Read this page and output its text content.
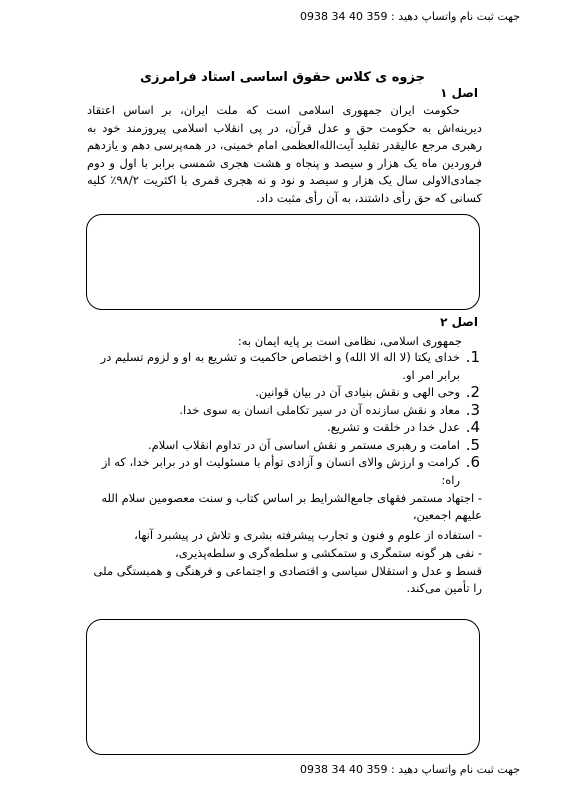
جهت ثبت نام واتساپ دهید : 359 40 34 0938
جزوه ی کلاس حقوق اساسی استاد فرامرزی
اصل ۱
حکومت ایران جمهوری اسلامی است که ملت ایران، بر اساس اعتقاد دیرینه‌اش به حکومت حق و عدل قرآن، در پی انقلاب اسلامی پیروزمند خود به رهبری مرجع عالیقدر تقلید آیت‌الله‌العظمی امام خمینی، در همه‌پرسی دهم و یازدهم فروردین ماه یک هزار و سیصد و پنجاه و هشت هجری شمسی برابر با اول و دوم جمادی‌الاولی سال یک هزار و سیصد و نود و نه هجری قمری با اکثریت ۹۸/۲٪ کلیه کسانی که حق رأی داشتند، به آن رأی مثبت داد.
اصل ۲
جمهوری اسلامی، نظامی است بر پایه ایمان به:
.1
خدای یکتا (لا اله الا الله) و اختصاص حاکمیت و تشریع به او و لزوم تسلیم در برابر امر او.
.2
وحی الهی و نقش بنیادی آن در بیان قوانین.
.3
معاد و نقش سازنده آن در سیر تکاملی انسان به سوی خدا.
.4
عدل خدا در خلقت و تشریع.
.5
امامت و رهبری مستمر و نقش اساسی آن در تداوم انقلاب اسلام.
.6
کرامت و ارزش والای انسان و آزادی توأم با مسئولیت او در برابر خدا، که از راه:
- اجتهاد مستمر فقهای جامع‌الشرایط بر اساس کتاب و سنت معصومین سلام الله علیهم اجمعین،
- استفاده از علوم و فنون و تجارب پیشرفته بشری و تلاش در پیشبرد آنها،
- نفی هر گونه ستمگری و ستمکشی و سلطه‌گری و سلطه‌پذیری،
قسط و عدل و استقلال سیاسی و اقتصادی و اجتماعی و فرهنگی و همبستگی ملی را تأمین می‌کند.
جهت ثبت نام واتساپ دهید : 359 40 34 0938
